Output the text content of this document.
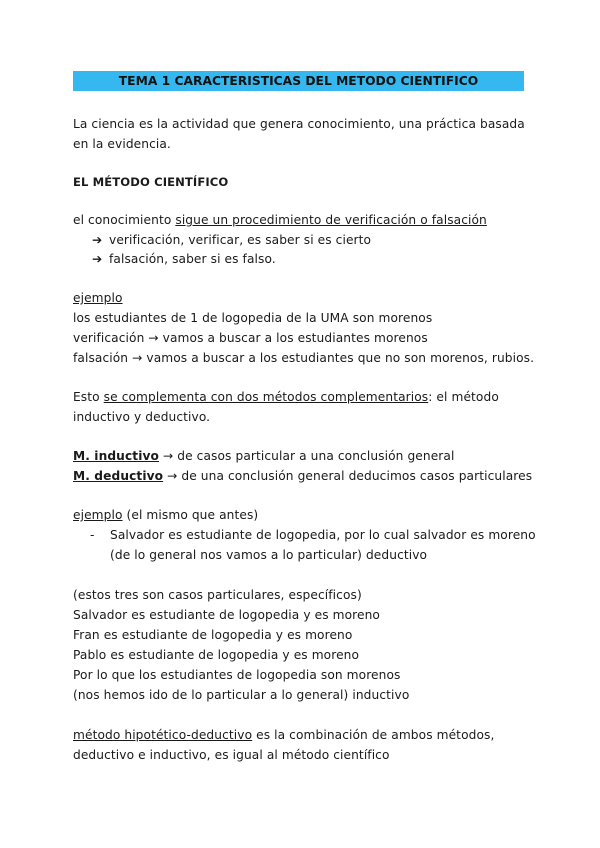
TEMA 1 CARACTERISTICAS DEL METODO CIENTIFICO
La ciencia es la actividad que genera conocimiento, una práctica basada
en la evidencia.
EL MÉTODO CIENTÍFICO
el conocimiento sigue un procedimiento de verificación o falsación
➔ verificación, verificar, es saber si es cierto
➔ falsación, saber si es falso.
ejemplo
los estudiantes de 1 de logopedia de la UMA son morenos
verificación → vamos a buscar a los estudiantes morenos
falsación → vamos a buscar a los estudiantes que no son morenos, rubios.
Esto se complementa con dos métodos complementarios: el método
inductivo y deductivo.
M. inductivo → de casos particular a una conclusión general
M. deductivo → de una conclusión general deducimos casos particulares
ejemplo (el mismo que antes)
- Salvador es estudiante de logopedia, por lo cual salvador es moreno
(de lo general nos vamos a lo particular) deductivo
(estos tres son casos particulares, específicos)
Salvador es estudiante de logopedia y es moreno
Fran es estudiante de logopedia y es moreno
Pablo es estudiante de logopedia y es moreno
Por lo que los estudiantes de logopedia son morenos
(nos hemos ido de lo particular a lo general) inductivo
método hipotético-deductivo es la combinación de ambos métodos,
deductivo e inductivo, es igual al método científico
